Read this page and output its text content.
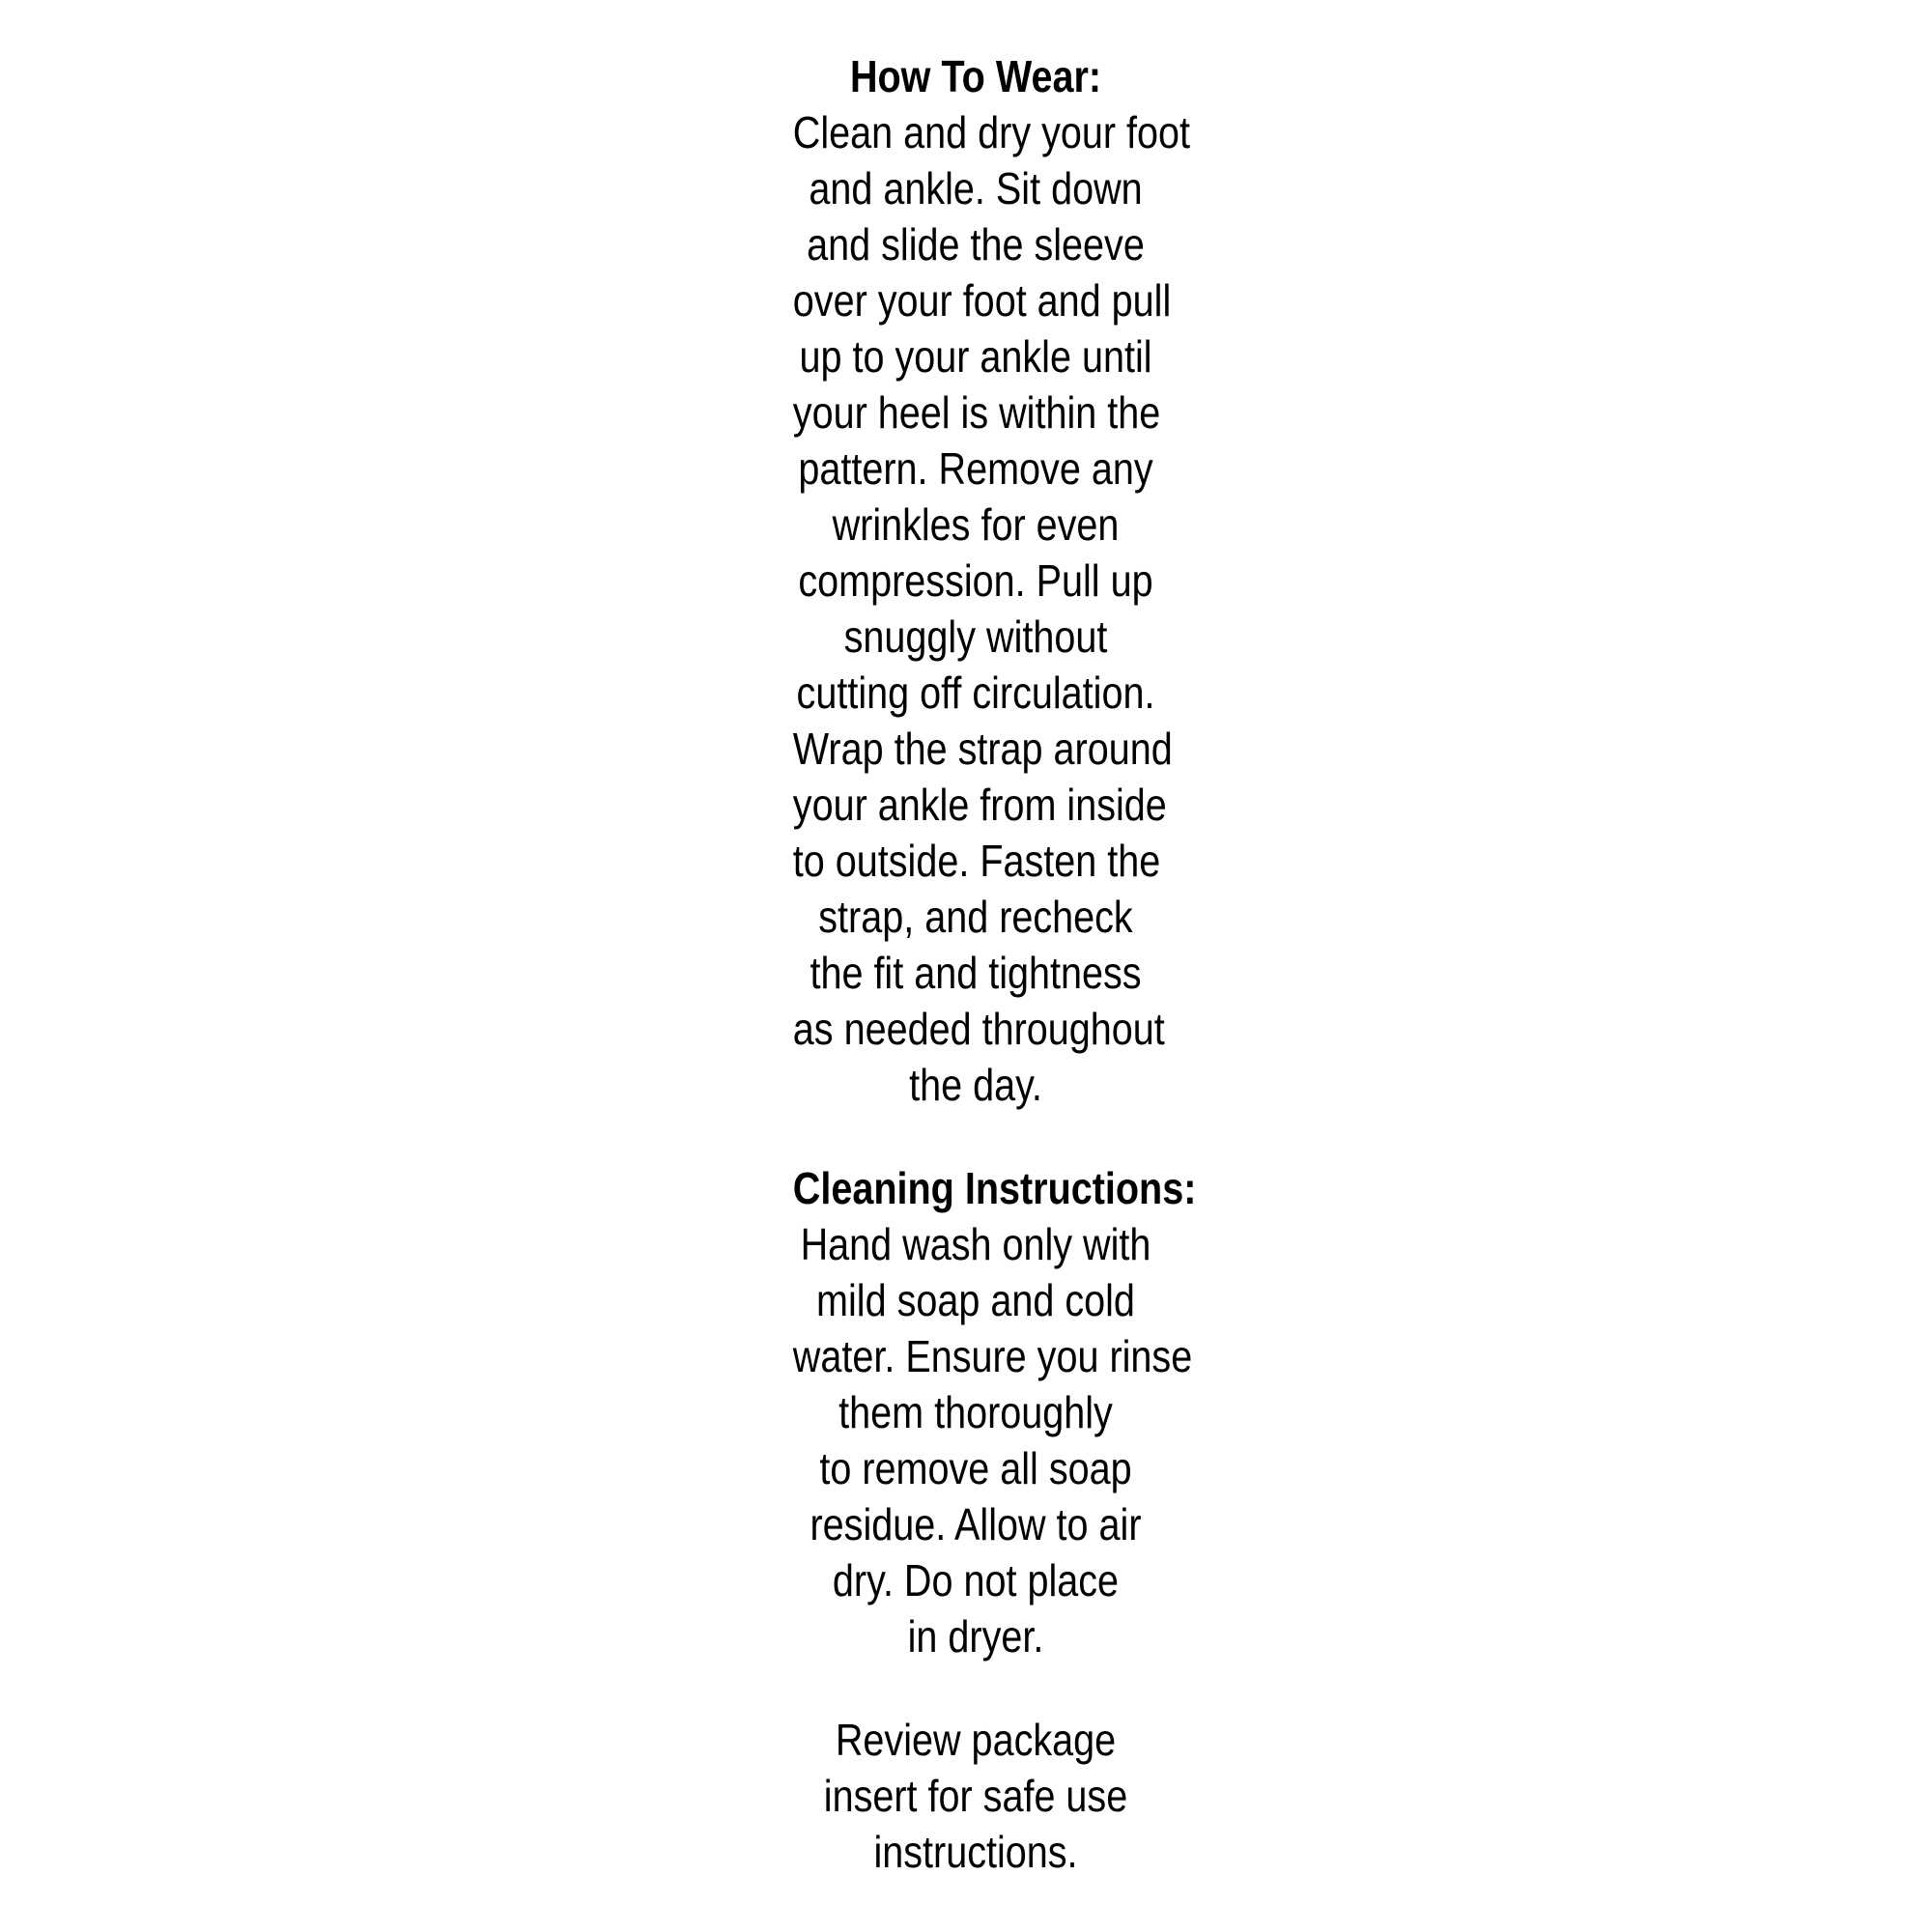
How To Wear:
Clean and dry your foot
and ankle. Sit down
and slide the sleeve
over your foot and pull
up to your ankle until
your heel is within the
pattern. Remove any
wrinkles for even
compression. Pull up
snuggly without
cutting off circulation.
Wrap the strap around
your ankle from inside
to outside. Fasten the
strap, and recheck
the fit and tightness
as needed throughout
the day.
Cleaning Instructions:
Hand wash only with
mild soap and cold
water. Ensure you rinse
them thoroughly
to remove all soap
residue. Allow to air
dry. Do not place
in dryer.
Review package
insert for safe use
instructions.
